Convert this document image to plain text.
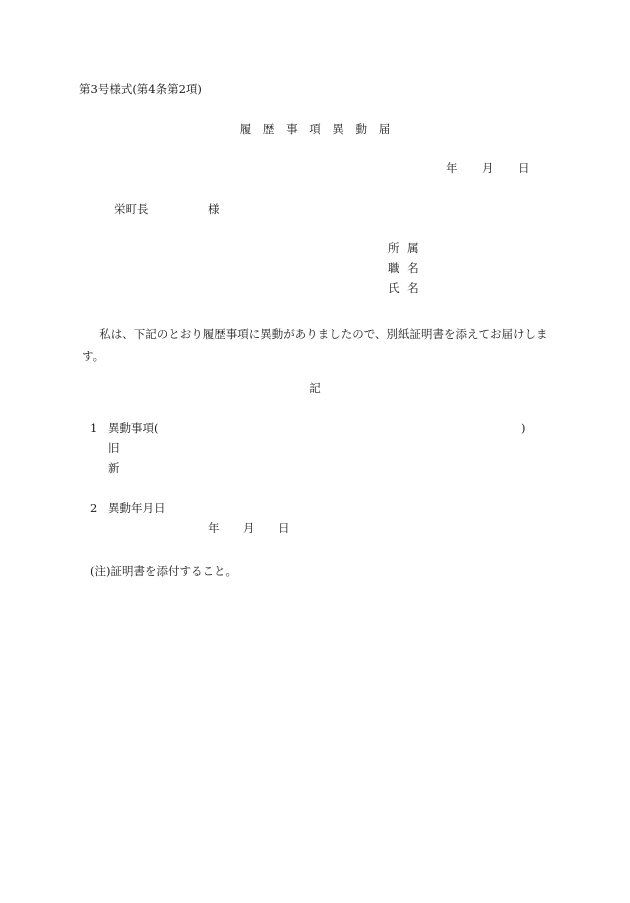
第3号様式(第4条第2項)
履 歴 事 項 異 動 届
年 月 日
栄町長	様
所 属
職 名
氏 名
私は、下記のとおり履歴事項に異動がありましたので、別紙証明書を添えてお届けします。
記
1 異動事項(	)
旧
新
2 異動年月日
年 月 日
(注)証明書を添付すること。
